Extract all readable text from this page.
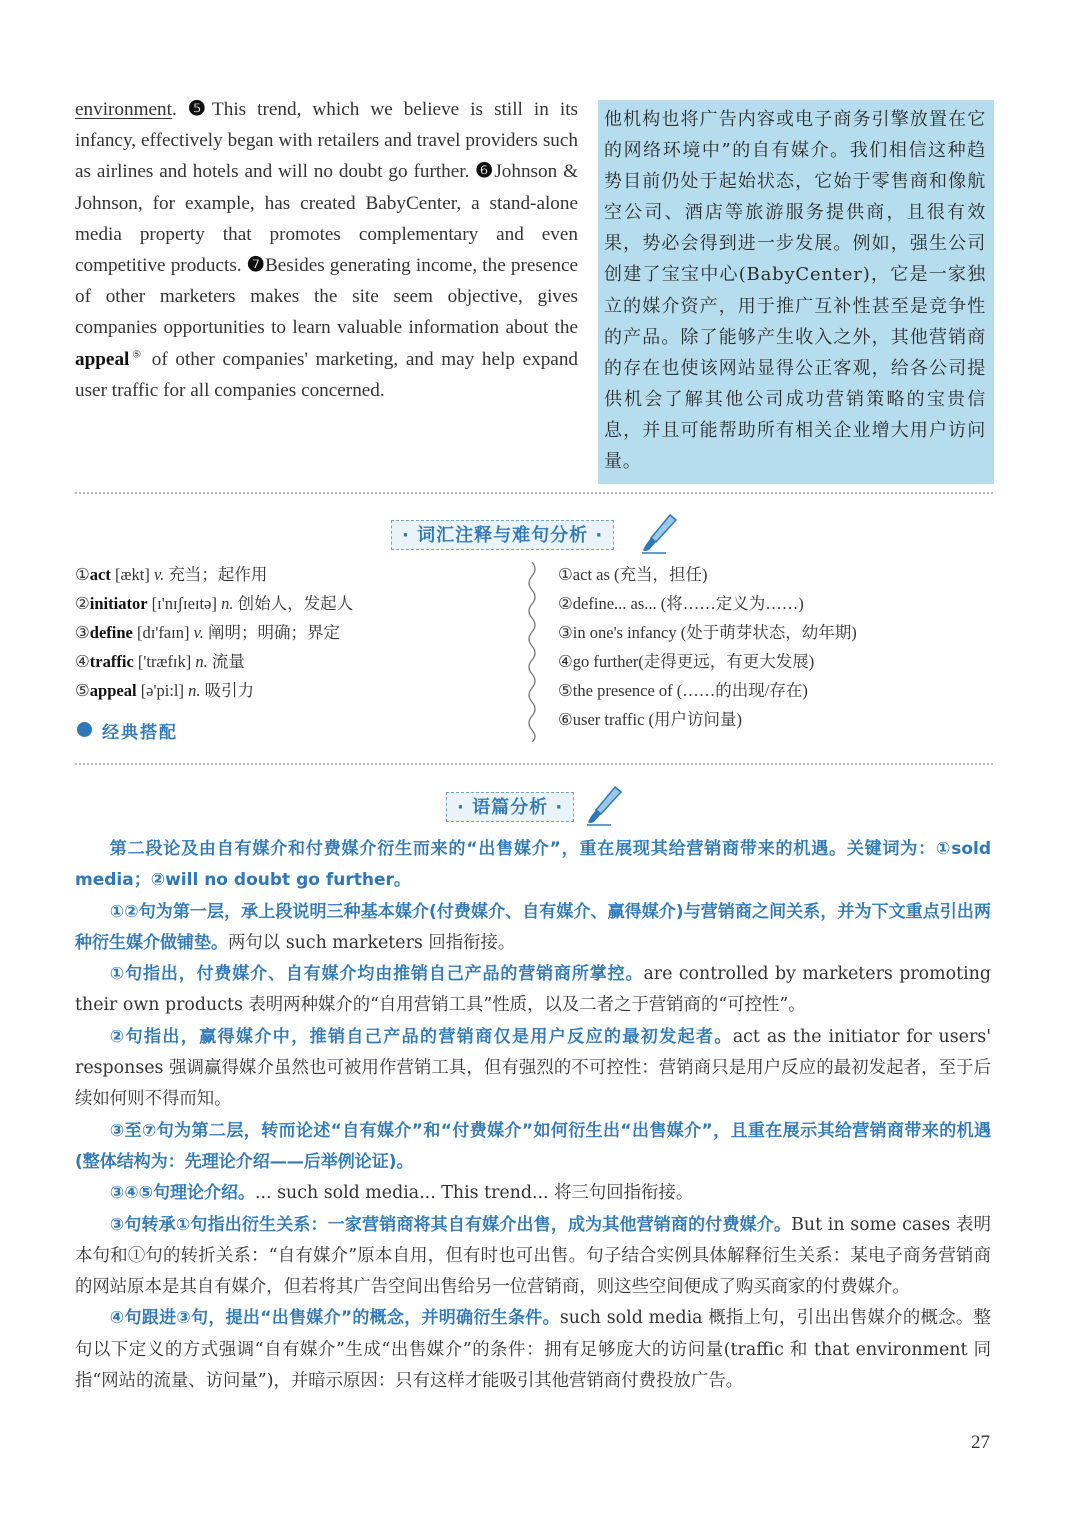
environment. ❺This trend, which we believe is still in its infancy, effectively began with retailers and travel providers such as airlines and hotels and will no doubt go further. ❻Johnson & Johnson, for example, has created BabyCenter, a stand-alone media property that promotes complementary and even competitive products. ❼Besides generating income, the presence of other marketers makes the site seem objective, gives companies opportunities to learn valuable information about the appeal⑤ of other companies' marketing, and may help expand user traffic for all companies concerned.

他机构也将广告内容或电子商务引擎放置在它的网络环境中”的自有媒介。我们相信这种趋势目前仍处于起始状态，它始于零售商和像航空公司、酒店等旅游服务提供商，且很有效果，势必会得到进一步发展。例如，强生公司创建了宝宝中心(BabyCenter)，它是一家独立的媒介资产，用于推广互补性甚至是竞争性的产品。除了能够产生收入之外，其他营销商的存在也使该网站显得公正客观，给各公司提供机会了解其他公司成功营销策略的宝贵信息，并且可能帮助所有相关企业增大用户访问量。

· 词汇注释与难句分析 ·
①act [ækt] v. 充当；起作用
②initiator [ɪ'nɪʃɪeɪtə] n. 创始人，发起人
③define [dɪ'faɪn] v. 阐明；明确；界定
④traffic ['træfɪk] n. 流量
⑤appeal [ə'pi:l] n. 吸引力
经典搭配
①act as (充当，担任)
②define... as... (将……定义为……)
③in one's infancy (处于萌芽状态，幼年期)
④go further(走得更远，有更大发展)
⑤the presence of (……的出现/存在)
⑥user traffic (用户访问量)
· 语篇分析 ·

第二段论及由自有媒介和付费媒介衍生而来的“出售媒介”，重在展现其给营销商带来的机遇。关键词为：①sold media；②will no doubt go further。

①②句为第一层，承上段说明三种基本媒介(付费媒介、自有媒介、赢得媒介)与营销商之间关系，并为下文重点引出两种衍生媒介做铺垫。两句以 such marketers 回指衔接。

①句指出，付费媒介、自有媒介均由推销自己产品的营销商所掌控。are controlled by marketers promoting their own products 表明两种媒介的“自用营销工具”性质，以及二者之于营销商的“可控性”。

②句指出，赢得媒介中，推销自己产品的营销商仅是用户反应的最初发起者。act as the initiator for users' responses 强调赢得媒介虽然也可被用作营销工具，但有强烈的不可控性：营销商只是用户反应的最初发起者，至于后续如何则不得而知。

③至⑦句为第二层，转而论述“自有媒介”和“付费媒介”如何衍生出“出售媒介”，且重在展示其给营销商带来的机遇(整体结构为：先理论介绍——后举例论证)。

③④⑤句理论介绍。... such sold media... This trend... 将三句回指衔接。

③句转承①句指出衍生关系：一家营销商将其自有媒介出售，成为其他营销商的付费媒介。But in some cases 表明本句和①句的转折关系：“自有媒介”原本自用，但有时也可出售。句子结合实例具体解释衍生关系：某电子商务营销商的网站原本是其自有媒介，但若将其广告空间出售给另一位营销商，则这些空间便成了购买商家的付费媒介。

④句跟进③句，提出“出售媒介”的概念，并明确衍生条件。such sold media 概指上句，引出出售媒介的概念。整句以下定义的方式强调“自有媒介”生成“出售媒介”的条件：拥有足够庞大的访问量(traffic 和 that environment 同指“网站的流量、访问量”)，并暗示原因：只有这样才能吸引其他营销商付费投放广告。

27
